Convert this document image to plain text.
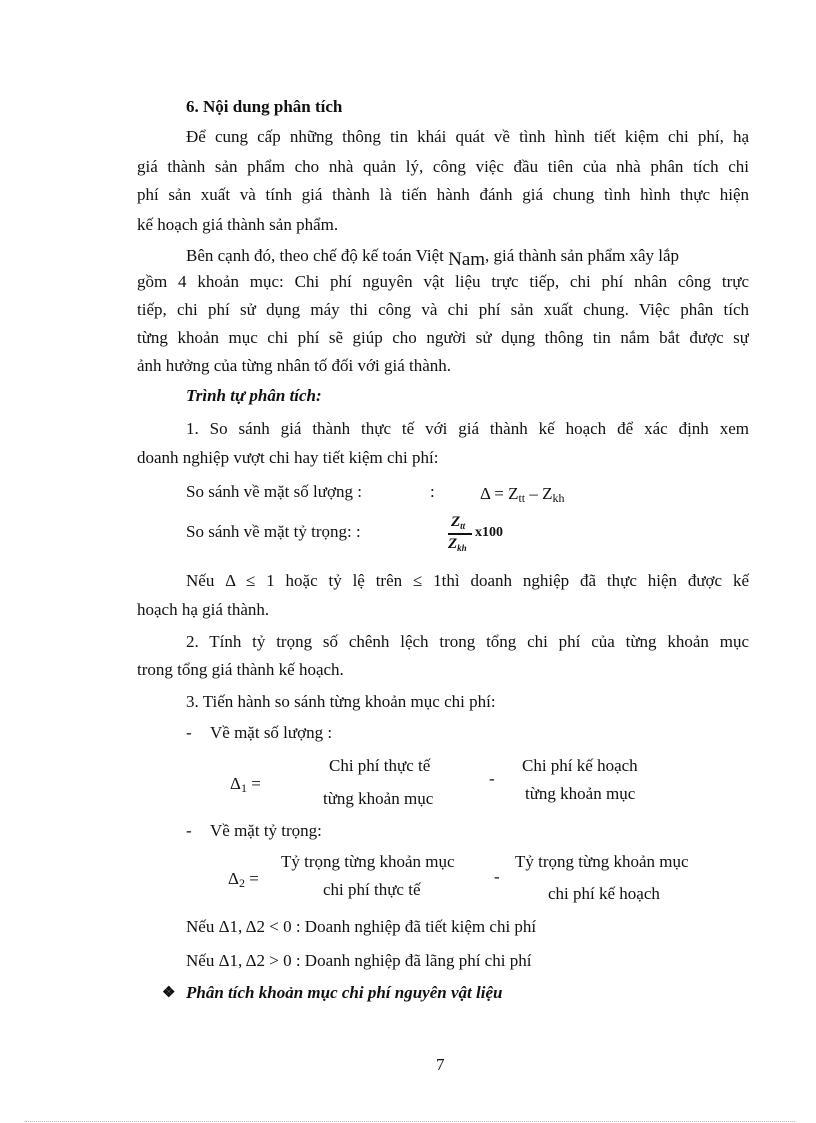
6. Nội dung phân tích
Để cung cấp những thông tin khái quát về tình hình tiết kiệm chi phí, hạ
giá thành sản phẩm cho nhà quản lý, công việc đầu tiên của nhà phân tích chi
phí sản xuất và tính giá thành là tiến hành đánh giá chung tình hình thực hiện
kế hoạch giá thành sản phẩm.
Bên cạnh đó, theo chế độ kế toán Việt Nam, giá thành sản phẩm xây lắp
gồm 4 khoản mục: Chi phí nguyên vật liệu trực tiếp, chi phí nhân công trực
tiếp, chi phí sử dụng máy thi công và chi phí sản xuất chung. Việc phân tích
từng khoản mục chi phí sẽ giúp cho người sử dụng thông tin nắm bắt được sự
ảnh hưởng của từng nhân tố đối với giá thành.
Trình tự phân tích:
1. So sánh giá thành thực tế với giá thành kế hoạch để xác định xem
doanh nghiệp vượt chi hay tiết kiệm chi phí:
So sánh về mặt số lượng :	:	$\Delta = Z_{tt} - Z_{kh}$
So sánh về mặt tỷ trọng: :	$Z_{tt}$
$Z_{kh}$
x100
Nếu Δ ≤ 1 hoặc tỷ lệ trên ≤ 1thì doanh nghiệp đã thực hiện được kế
hoạch hạ giá thành.
2. Tính tỷ trọng số chênh lệch trong tổng chi phí của từng khoản mục
trong tổng giá thành kế hoạch.
3. Tiến hành so sánh từng khoản mục chi phí:
- Về mặt số lượng :
$\Delta_1$ =
Chi phí thực tế
từng khoản mục
-
Chi phí kế hoạch
từng khoản mục
- Về mặt tỷ trọng:
$\Delta_2$ =
Tỷ trọng từng khoản mục
chi phí thực tế
-
Tỷ trọng từng khoản mục
chi phí kế hoạch
Nếu Δ1, Δ2 < 0 : Doanh nghiệp đã tiết kiệm chi phí
Nếu Δ1, Δ2 > 0 : Doanh nghiệp đã lãng phí chi phí
❖ Phân tích khoản mục chi phí nguyên vật liệu
7
